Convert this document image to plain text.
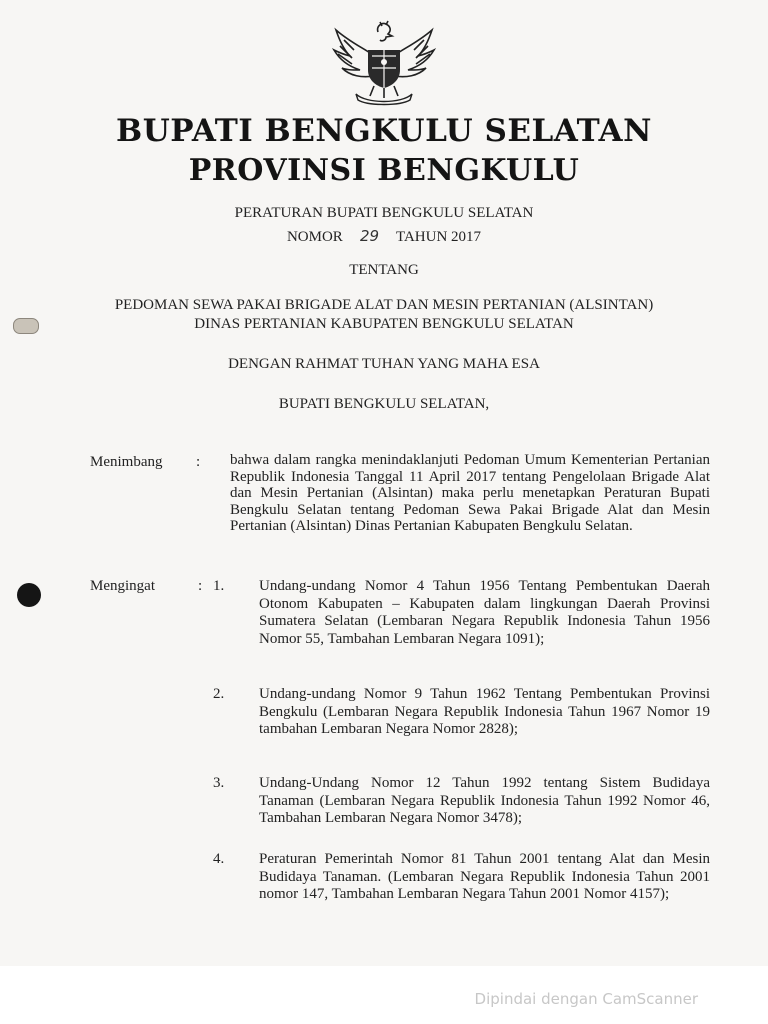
BUPATI BENGKULU SELATAN
PROVINSI BENGKULU
PERATURAN BUPATI BENGKULU SELATAN
NOMOR 29 TAHUN 2017
TENTANG
PEDOMAN SEWA PAKAI BRIGADE ALAT DAN MESIN PERTANIAN (ALSINTAN)
DINAS PERTANIAN KABUPATEN BENGKULU SELATAN
DENGAN RAHMAT TUHAN YANG MAHA ESA
BUPATI BENGKULU SELATAN,
Menimbang : bahwa dalam rangka menindaklanjuti Pedoman Umum Kementerian Pertanian Republik Indonesia Tanggal 11 April 2017 tentang Pengelolaan Brigade Alat dan Mesin Pertanian (Alsintan) maka perlu menetapkan Peraturan Bupati Bengkulu Selatan tentang Pedoman Sewa Pakai Brigade Alat dan Mesin Pertanian (Alsintan) Dinas Pertanian Kabupaten Bengkulu Selatan.
Mengingat	: 1. Undang-undang Nomor 4 Tahun 1956 Tentang Pembentukan Daerah Otonom Kabupaten – Kabupaten dalam lingkungan Daerah Provinsi Sumatera Selatan (Lembaran Negara Republik Indonesia Tahun 1956 Nomor 55, Tambahan Lembaran Negara 1091);
2. Undang-undang Nomor 9 Tahun 1962 Tentang Pembentukan Provinsi Bengkulu (Lembaran Negara Republik Indonesia Tahun 1967 Nomor 19 tambahan Lembaran Negara Nomor 2828);
3. Undang-Undang Nomor 12 Tahun 1992 tentang Sistem Budidaya Tanaman (Lembaran Negara Republik Indonesia Tahun 1992 Nomor 46, Tambahan Lembaran Negara Nomor 3478);
4. Peraturan Pemerintah Nomor 81 Tahun 2001 tentang Alat dan Mesin Budidaya Tanaman. (Lembaran Negara Republik Indonesia Tahun 2001 nomor 147, Tambahan Lembaran Negara Tahun 2001 Nomor 4157);
Dipindai dengan CamScanner
